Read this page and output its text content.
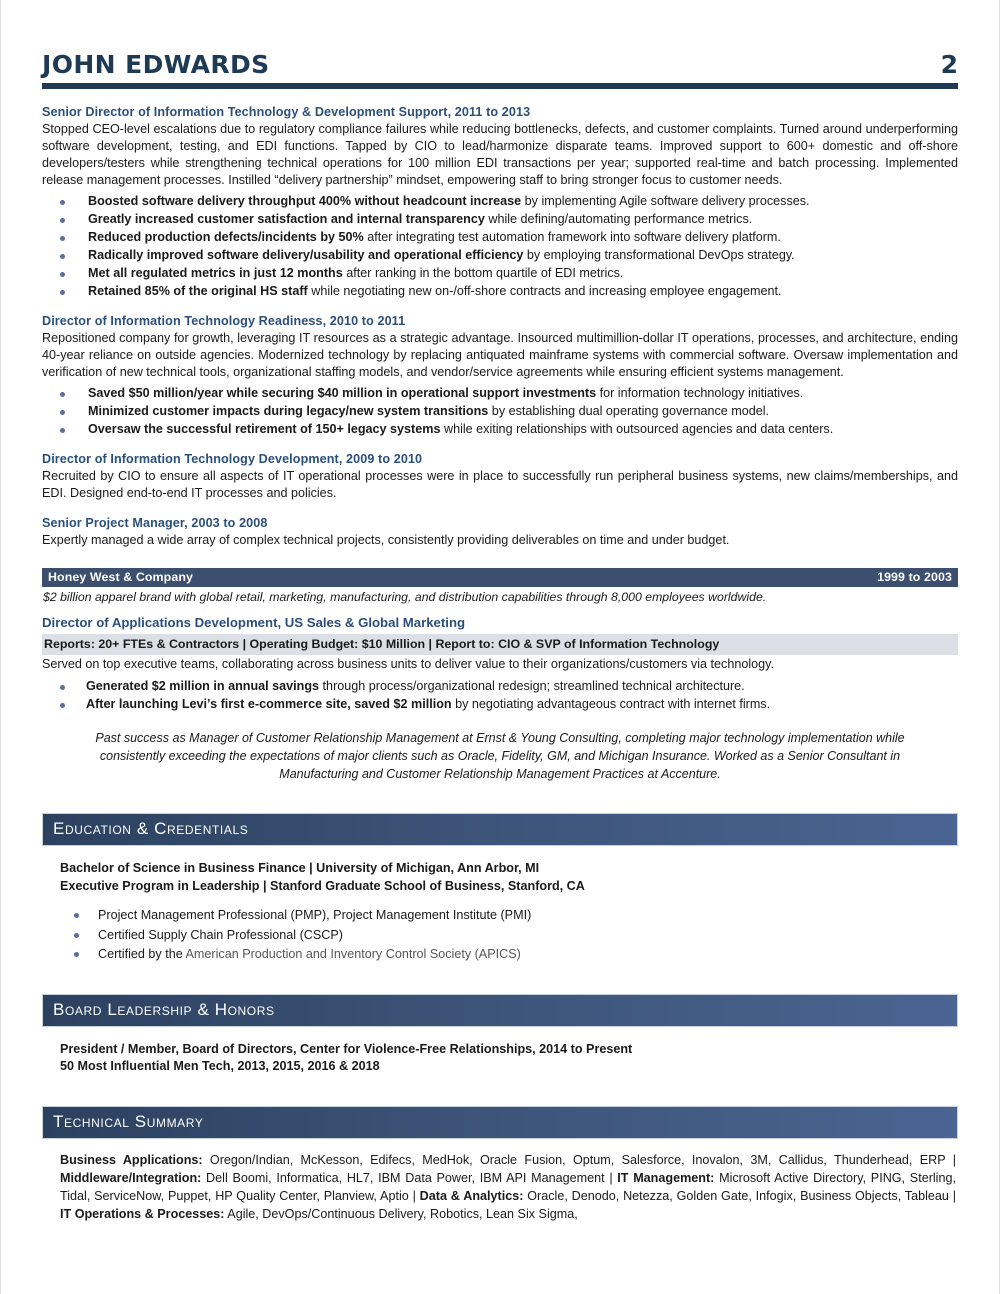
JOHN EDWARDS	2
Senior Director of Information Technology & Development Support, 2011 to 2013

Stopped CEO-level escalations due to regulatory compliance failures while reducing bottlenecks, defects, and customer complaints. Turned around underperforming software development, testing, and EDI functions. Tapped by CIO to lead/harmonize disparate teams. Improved support to 600+ domestic and off-shore developers/testers while strengthening technical operations for 100 million EDI transactions per year; supported real-time and batch processing. Implemented release management processes. Instilled “delivery partnership” mindset, empowering staff to bring stronger focus to customer needs.

Boosted software delivery throughput 400% without headcount increase by implementing Agile software delivery processes.
Greatly increased customer satisfaction and internal transparency while defining/automating performance metrics.
Reduced production defects/incidents by 50% after integrating test automation framework into software delivery platform.
Radically improved software delivery/usability and operational efficiency by employing transformational DevOps strategy.
Met all regulated metrics in just 12 months after ranking in the bottom quartile of EDI metrics.
Retained 85% of the original HS staff while negotiating new on-/off-shore contracts and increasing employee engagement.
Director of Information Technology Readiness, 2010 to 2011

Repositioned company for growth, leveraging IT resources as a strategic advantage. Insourced multimillion-dollar IT operations, processes, and architecture, ending 40-year reliance on outside agencies. Modernized technology by replacing antiquated mainframe systems with commercial software. Oversaw implementation and verification of new technical tools, organizational staffing models, and vendor/service agreements while ensuring efficient systems management.

Saved $50 million/year while securing $40 million in operational support investments for information technology initiatives.
Minimized customer impacts during legacy/new system transitions by establishing dual operating governance model.
Oversaw the successful retirement of 150+ legacy systems while exiting relationships with outsourced agencies and data centers.
Director of Information Technology Development, 2009 to 2010

Recruited by CIO to ensure all aspects of IT operational processes were in place to successfully run peripheral business systems, new claims/memberships, and EDI. Designed end-to-end IT processes and policies.

Senior Project Manager, 2003 to 2008

Expertly managed a wide array of complex technical projects, consistently providing deliverables on time and under budget.

Honey West & Company	1999 to 2003
$2 billion apparel brand with global retail, marketing, manufacturing, and distribution capabilities through 8,000 employees worldwide.
Director of Applications Development, US Sales & Global Marketing
Reports: 20+ FTEs & Contractors | Operating Budget: $10 Million | Report to: CIO & SVP of Information Technology
Served on top executive teams, collaborating across business units to deliver value to their organizations/customers via technology.
Generated $2 million in annual savings through process/organizational redesign; streamlined technical architecture.
After launching Levi’s first e-commerce site, saved $2 million by negotiating advantageous contract with internet firms.
Past success as Manager of Customer Relationship Management at Ernst & Young Consulting, completing major technology implementation while consistently exceeding the expectations of major clients such as Oracle, Fidelity, GM, and Michigan Insurance. Worked as a Senior Consultant in Manufacturing and Customer Relationship Management Practices at Accenture.
Education & Credentials
Bachelor of Science in Business Finance | University of Michigan, Ann Arbor, MI
Executive Program in Leadership | Stanford Graduate School of Business, Stanford, CA
Project Management Professional (PMP), Project Management Institute (PMI)
Certified Supply Chain Professional (CSCP)
Certified by the American Production and Inventory Control Society (APICS)
Board Leadership & Honors
President / Member, Board of Directors, Center for Violence-Free Relationships, 2014 to Present
50 Most Influential Men Tech, 2013, 2015, 2016 & 2018
Technical Summary
Business Applications: Oregon/Indian, McKesson, Edifecs, MedHok, Oracle Fusion, Optum, Salesforce, Inovalon, 3M, Callidus, Thunderhead, ERP | Middleware/Integration: Dell Boomi, Informatica, HL7, IBM Data Power, IBM API Management | IT Management: Microsoft Active Directory, PING, Sterling, Tidal, ServiceNow, Puppet, HP Quality Center, Planview, Aptio | Data & Analytics: Oracle, Denodo, Netezza, Golden Gate, Infogix, Business Objects, Tableau | IT Operations & Processes: Agile, DevOps/Continuous Delivery, Robotics, Lean Six Sigma,
